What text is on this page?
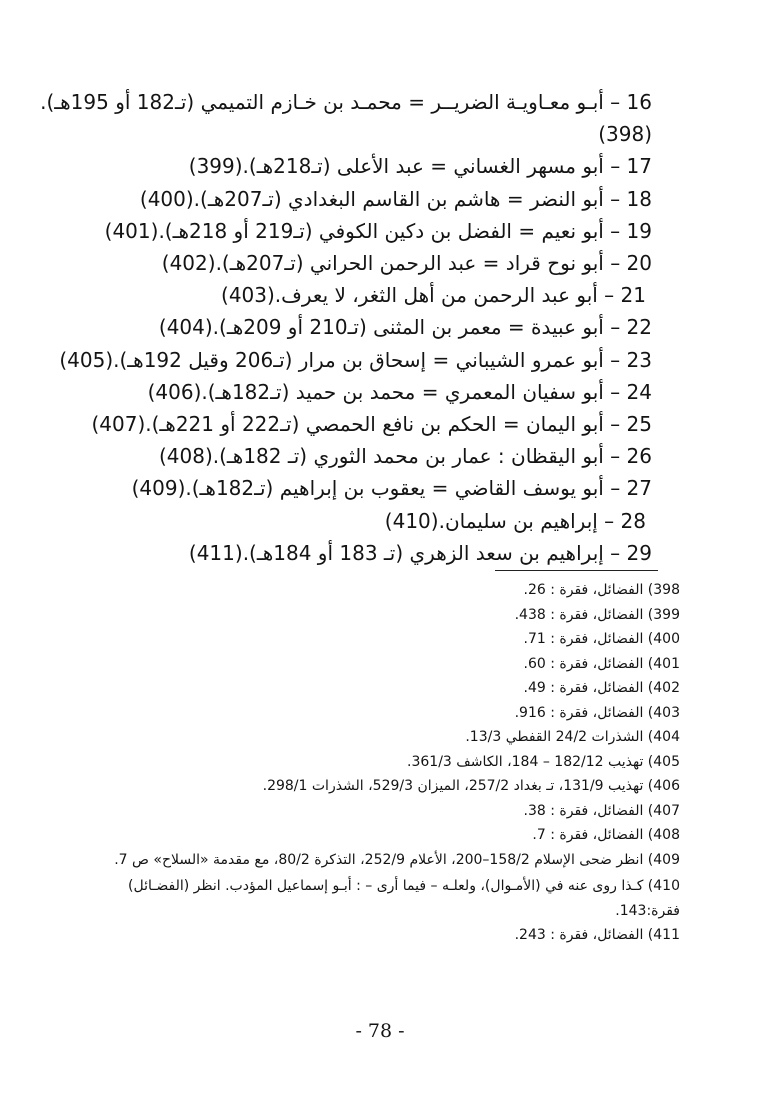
16 – أبـو معـاويـة الضريــر = محمـد بن خـازم التميمي (تـ182 أو 195هـ).(398)
17 – أبو مسهر الغساني = عبد الأعلى (تـ218هـ).(399)
18 – أبو النضر = هاشم بن القاسم البغدادي (تـ207هـ).(400)
19 – أبو نعيم = الفضل بن دكين الكوفي (تـ219 أو 218هـ).(401)
20 – أبو نوح قراد = عبد الرحمن الحراني (تـ207هـ).(402)
21 – أبو عبد الرحمن من أهل الثغر، لا يعرف.(403)
22 – أبو عبيدة = معمر بن المثنى (تـ210 أو 209هـ).(404)
23 – أبو عمرو الشيباني = إسحاق بن مرار (تـ206 وقيل 192هـ).(405)
24 – أبو سفيان المعمري = محمد بن حميد (تـ182هـ).(406)
25 – أبو اليمان = الحكم بن نافع الحمصي (تـ222 أو 221هـ).(407)
26 – أبو اليقظان : عمار بن محمد الثوري (تـ 182هـ).(408)
27 – أبو يوسف القاضي = يعقوب بن إبراهيم (تـ182هـ).(409)
28 – إبراهيم بن سليمان.(410)
29 – إبراهيم بن سعد الزهري (تـ 183 أو 184هـ).(411)
398) الفضائل، فقرة : 26.
399) الفضائل، فقرة : 438.
400) الفضائل، فقرة : 71.
401) الفضائل، فقرة : 60.
402) الفضائل، فقرة : 49.
403) الفضائل، فقرة : 916.
404) الشذرات 24/2 القفطي 13/3.
405) تهذيب 182/12 – 184، الكاشف 361/3.
406) تهذيب 131/9، تـ بغداد 257/2، الميزان 529/3، الشذرات 298/1.
407) الفضائل، فقرة : 38.
408) الفضائل، فقرة : 7.
409) انظر ضحى الإسلام 158/2–200، الأعلام 252/9، التذكرة 80/2، مع مقدمة «السلاح» ص 7.
410) كـذا روى عنه في (الأمـوال)، ولعلـه – فيما أرى – : أبـو إسماعيل المؤدب. انظر (الفضـائل) فقرة:143.
411) الفضائل، فقرة : 243.
- 78 -
